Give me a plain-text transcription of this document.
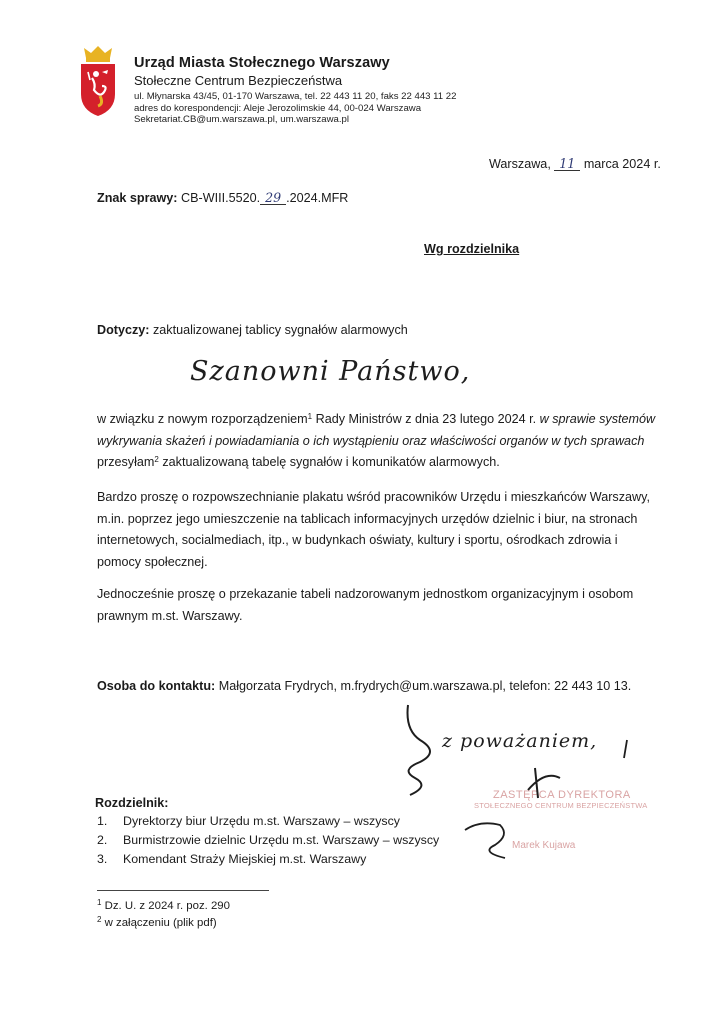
Urząd Miasta Stołecznego Warszawy
Stołeczne Centrum Bezpieczeństwa
ul. Młynarska 43/45, 01-170 Warszawa, tel. 22 443 11 20, faks 22 443 11 22
adres do korespondencji: Aleje Jerozolimskie 44, 00-024 Warszawa
Sekretariat.CB@um.warszawa.pl, um.warszawa.pl
Warszawa, 11 marca 2024 r.
Znak sprawy: CB-WIII.5520. 29 .2024.MFR
Wg rozdzielnika
Dotyczy: zaktualizowanej tablicy sygnałów alarmowych
Szanowni Państwo,
w związku z nowym rozporządzeniem$^1$ Rady Ministrów z dnia 23 lutego 2024 r. w sprawie systemów wykrywania skażeń i powiadamiania o ich wystąpieniu oraz właściwości organów w tych sprawach przesyłam$^2$ zaktualizowaną tabelę sygnałów i komunikatów alarmowych.
Bardzo proszę o rozpowszechnianie plakatu wśród pracowników Urzędu i mieszkańców Warszawy, m.in. poprzez jego umieszczenie na tablicach informacyjnych urzędów dzielnic i biur, na stronach internetowych, socialmediach, itp., w budynkach oświaty, kultury i sportu, ośrodkach zdrowia i pomocy społecznej.
Jednocześnie proszę o przekazanie tabeli nadzorowanym jednostkom organizacyjnym i osobom prawnym m.st. Warszawy.
Osoba do kontaktu: Małgorzata Frydrych, m.frydrych@um.warszawa.pl, telefon: 22 443 10 13.
z poważaniem,
ZASTĘPCA DYREKTORA
STOŁECZNEGO CENTRUM BEZPIECZEŃSTWA
Marek Kujawa
Rozdzielnik:
1.	Dyrektorzy biur Urzędu m.st. Warszawy – wszyscy
2.	Burmistrzowie dzielnic Urzędu m.st. Warszawy – wszyscy
3.	Komendant Straży Miejskiej m.st. Warszawy
$^1$ Dz. U. z 2024 r. poz. 290
$^2$ w załączeniu (plik pdf)
